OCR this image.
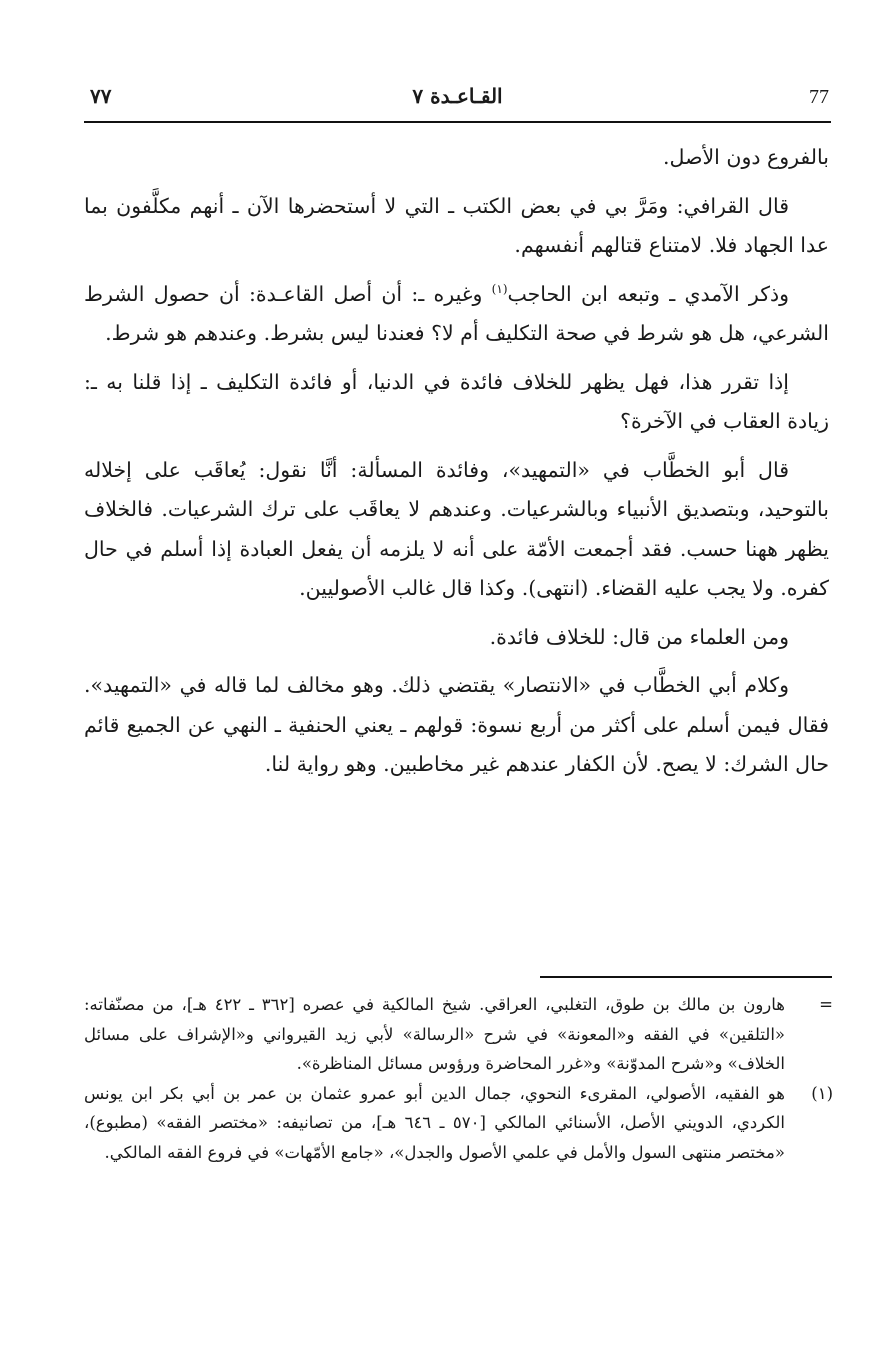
٧٧	القـاعـدة ٧	77

بالفروع دون الأصل.

قال القرافي: ومَرَّ بي في بعض الكتب ـ التي لا أستحضرها الآن ـ أنهم مكلَّفون بما عدا الجهاد فلا. لامتناع قتالهم أنفسهم.

وذكر الآمدي ـ وتبعه ابن الحاجب$^{(١)}$ وغيره ـ: أن أصل القاعـدة: أن حصول الشرط الشرعي، هل هو شرط في صحة التكليف أم لا؟ فعندنا ليس بشرط. وعندهم هو شرط.

إذا تقرر هذا، فهل يظهر للخلاف فائدة في الدنيا، أو فائدة التكليف ـ إذا قلنا به ـ: زيادة العقاب في الآخرة؟

قال أبو الخطَّاب في «التمهيد»، وفائدة المسألة: أنَّا نقول: يُعاقَب على إخلاله بالتوحيد، وبتصديق الأنبياء وبالشرعيات. وعندهم لا يعاقَب على ترك الشرعيات. فالخلاف يظهر ههنا حسب. فقد أجمعت الأمّة على أنه لا يلزمه أن يفعل العبادة إذا أسلم في حال كفره. ولا يجب عليه القضاء. (انتهى). وكذا قال غالب الأصوليين.

ومن العلماء من قال: للخلاف فائدة.

وكلام أبي الخطَّاب في «الانتصار» يقتضي ذلك. وهو مخالف لما قاله في «التمهيد». فقال فيمن أسلم على أكثر من أربع نسوة: قولهم ـ يعني الحنفية ـ النهي عن الجميع قائم حال الشرك: لا يصح. لأن الكفار عندهم غير مخاطبين. وهو رواية لنا.

=
هارون بن مالك بن طوق، التغلبي، العراقي. شيخ المالكية في عصره [٣٦٢ ـ ٤٢٢ هـ]، من مصنّفاته: «التلقين» في الفقه و«المعونة» في شرح «الرسالة» لأبي زيد القيرواني و«الإشراف على مسائل الخلاف» و«شرح المدوّنة» و«غرر المحاضرة ورؤوس مسائل المناظرة».
(١)
هو الفقيه، الأصولي، المقرىء النحوي، جمال الدين أبو عمرو عثمان بن عمر بن أبي بكر ابن يونس الكردي، الدويني الأصل، الأسنائي المالكي [٥٧٠ ـ ٦٤٦ هـ]، من تصانيفه: «مختصر الفقه» (مطبوع)، «مختصر منتهى السول والأمل في علمي الأصول والجدل»، «جامع الأمّهات» في فروع الفقه المالكي.
